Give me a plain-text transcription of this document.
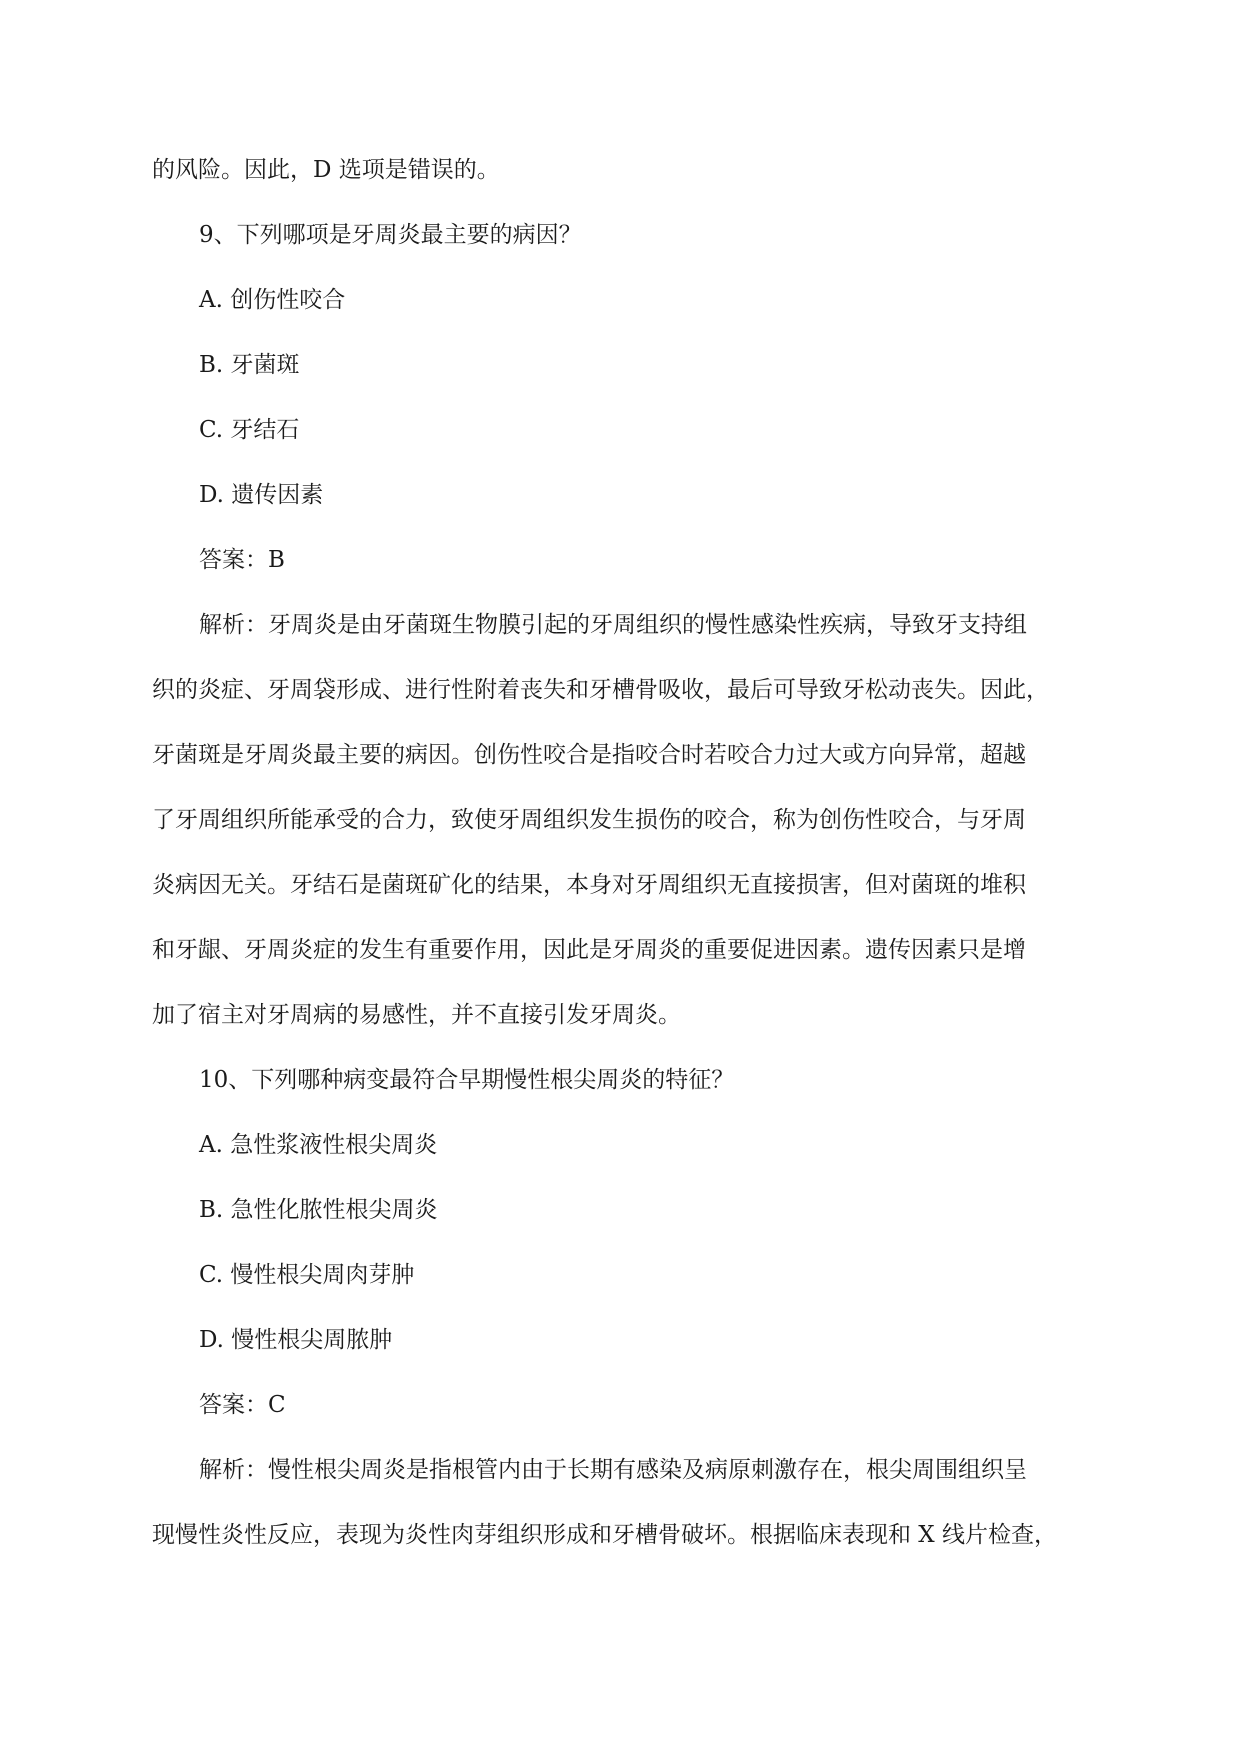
的风险。因此，D 选项是错误的。
9、下列哪项是牙周炎最主要的病因？
A. 创伤性咬合
B. 牙菌斑
C. 牙结石
D. 遗传因素
答案：B
解析：牙周炎是由牙菌斑生物膜引起的牙周组织的慢性感染性疾病，导致牙支持组
织的炎症、牙周袋形成、进行性附着丧失和牙槽骨吸收，最后可导致牙松动丧失。因此，
牙菌斑是牙周炎最主要的病因。创伤性咬合是指咬合时若咬合力过大或方向异常，超越
了牙周组织所能承受的合力，致使牙周组织发生损伤的咬合，称为创伤性咬合，与牙周
炎病因无关。牙结石是菌斑矿化的结果，本身对牙周组织无直接损害，但对菌斑的堆积
和牙龈、牙周炎症的发生有重要作用，因此是牙周炎的重要促进因素。遗传因素只是增
加了宿主对牙周病的易感性，并不直接引发牙周炎。
10、下列哪种病变最符合早期慢性根尖周炎的特征？
A. 急性浆液性根尖周炎
B. 急性化脓性根尖周炎
C. 慢性根尖周肉芽肿
D. 慢性根尖周脓肿
答案：C
解析：慢性根尖周炎是指根管内由于长期有感染及病原刺激存在，根尖周围组织呈
现慢性炎性反应，表现为炎性肉芽组织形成和牙槽骨破坏。根据临床表现和 X 线片检查，
